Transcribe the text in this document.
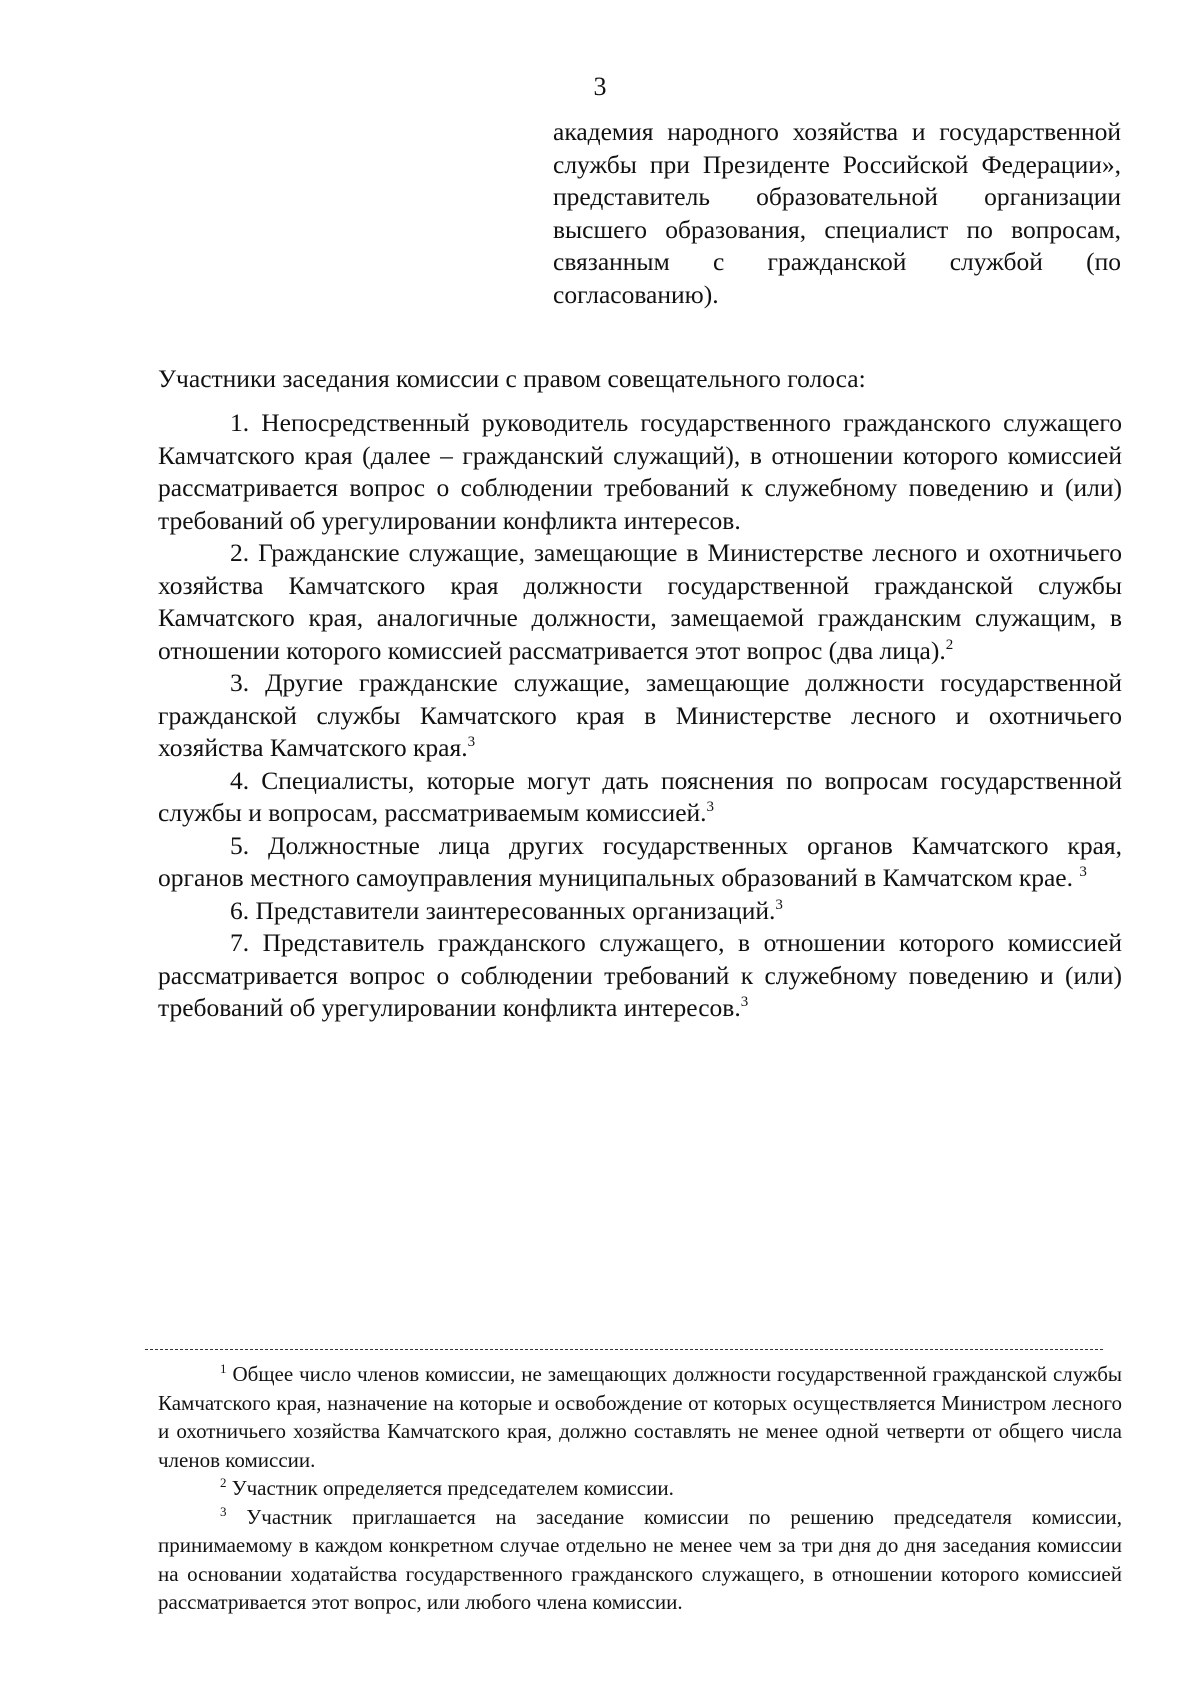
3
академия народного хозяйства и государственной службы при Президенте Российской Федерации», представитель образовательной организации высшего образования, специалист по вопросам, связанным с гражданской службой (по согласованию).
Участники заседания комиссии с правом совещательного голоса:

1. Непосредственный руководитель государственного гражданского служащего Камчатского края (далее – гражданский служащий), в отношении которого комиссией рассматривается вопрос о соблюдении требований к служебному поведению и (или) требований об урегулировании конфликта интересов.

2. Гражданские служащие, замещающие в Министерстве лесного и охотничьего хозяйства Камчатского края должности государственной гражданской службы Камчатского края, аналогичные должности, замещаемой гражданским служащим, в отношении которого комиссией рассматривается этот вопрос (два лица).$^2$

3. Другие гражданские служащие, замещающие должности государственной гражданской службы Камчатского края в Министерстве лесного и охотничьего хозяйства Камчатского края.$^3$

4. Специалисты, которые могут дать пояснения по вопросам государственной службы и вопросам, рассматриваемым комиссией.$^3$

5. Должностные лица других государственных органов Камчатского края, органов местного самоуправления муниципальных образований в Камчатском крае. $^3$

6. Представители заинтересованных организаций.$^3$

7. Представитель гражданского служащего, в отношении которого комиссией рассматривается вопрос о соблюдении требований к служебному поведению и (или) требований об урегулировании конфликта интересов.$^3$

$^1$ Общее число членов комиссии, не замещающих должности государственной гражданской службы Камчатского края, назначение на которые и освобождение от которых осуществляется Министром лесного и охотничьего хозяйства Камчатского края, должно составлять не менее одной четверти от общего числа членов комиссии.

$^2$ Участник определяется председателем комиссии.

$^3$ Участник приглашается на заседание комиссии по решению председателя комиссии, принимаемому в каждом конкретном случае отдельно не менее чем за три дня до дня заседания комиссии на основании ходатайства государственного гражданского служащего, в отношении которого комиссией рассматривается этот вопрос, или любого члена комиссии.
